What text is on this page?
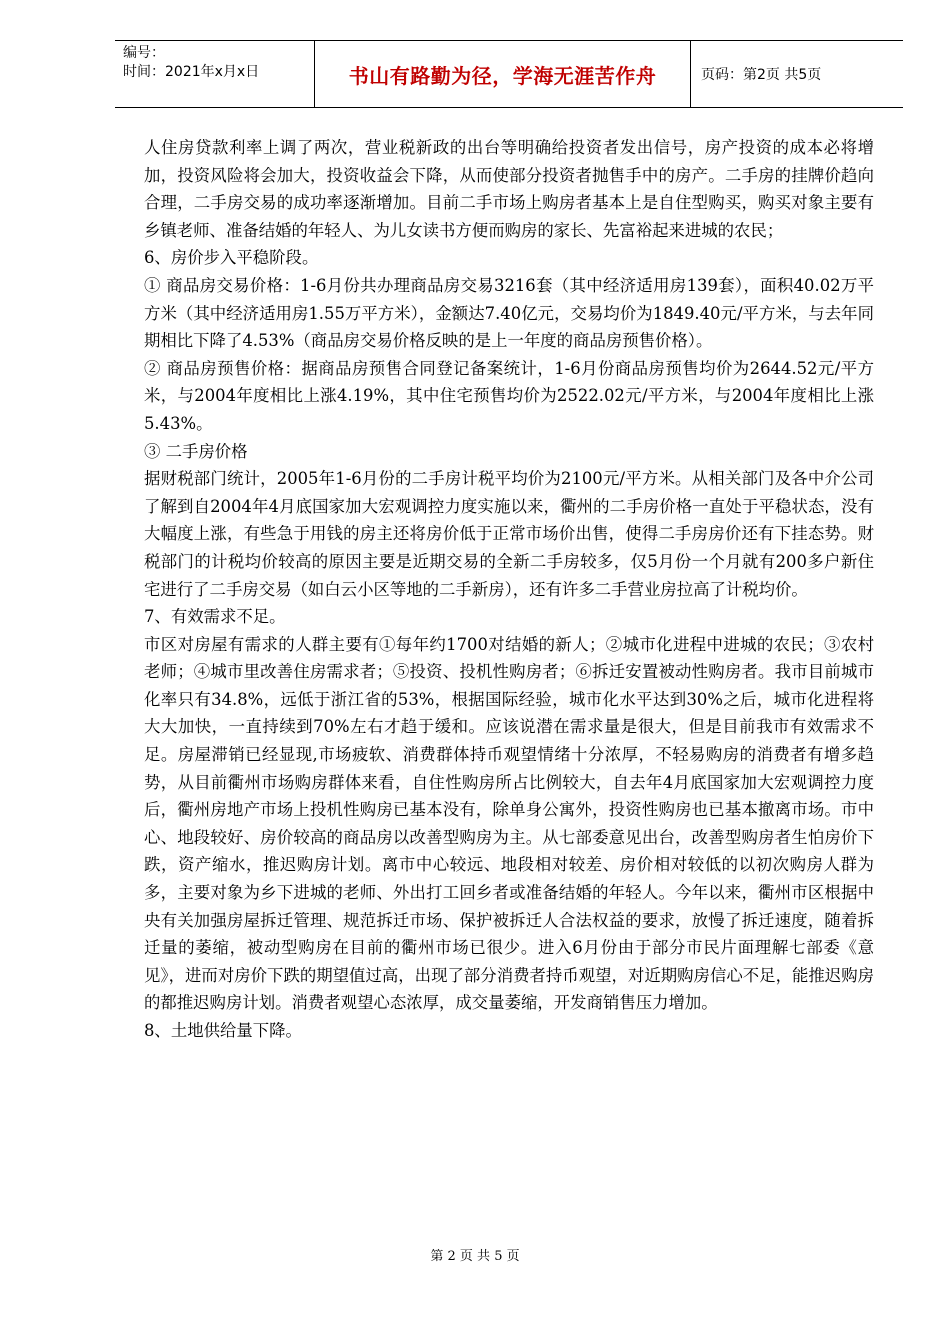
编号：
时间：2021年x月x日	书山有路勤为径，学海无涯苦作舟	页码：第2页 共5页

人住房贷款利率上调了两次，营业税新政的出台等明确给投资者发出信号，房产投资的成本必将增加，投资风险将会加大，投资收益会下降，从而使部分投资者抛售手中的房产。二手房的挂牌价趋向合理，二手房交易的成功率逐渐增加。目前二手市场上购房者基本上是自住型购买，购买对象主要有乡镇老师、准备结婚的年轻人、为儿女读书方便而购房的家长、先富裕起来进城的农民；

6、房价步入平稳阶段。

① 商品房交易价格：1-6月份共办理商品房交易3216套（其中经济适用房139套），面积40.02万平方米（其中经济适用房1.55万平方米），金额达7.40亿元，交易均价为1849.40元/平方米，与去年同期相比下降了4.53%（商品房交易价格反映的是上一年度的商品房预售价格）。

② 商品房预售价格：据商品房预售合同登记备案统计，1-6月份商品房预售均价为2644.52元/平方米，与2004年度相比上涨4.19%，其中住宅预售均价为2522.02元/平方米，与2004年度相比上涨5.43%。

③ 二手房价格

据财税部门统计，2005年1-6月份的二手房计税平均价为2100元/平方米。从相关部门及各中介公司了解到自2004年4月底国家加大宏观调控力度实施以来，衢州的二手房价格一直处于平稳状态，没有大幅度上涨，有些急于用钱的房主还将房价低于正常市场价出售，使得二手房房价还有下挂态势。财税部门的计税均价较高的原因主要是近期交易的全新二手房较多，仅5月份一个月就有200多户新住宅进行了二手房交易（如白云小区等地的二手新房），还有许多二手营业房拉高了计税均价。

7、有效需求不足。

市区对房屋有需求的人群主要有①每年约1700对结婚的新人；②城市化进程中进城的农民；③农村老师；④城市里改善住房需求者；⑤投资、投机性购房者；⑥拆迁安置被动性购房者。我市目前城市化率只有34.8%，远低于浙江省的53%，根据国际经验，城市化水平达到30%之后，城市化进程将大大加快，一直持续到70%左右才趋于缓和。应该说潜在需求量是很大，但是目前我市有效需求不足。房屋滞销已经显现,市场疲软、消费群体持币观望情绪十分浓厚，不轻易购房的消费者有增多趋势，从目前衢州市场购房群体来看，自住性购房所占比例较大，自去年4月底国家加大宏观调控力度后，衢州房地产市场上投机性购房已基本没有，除单身公寓外，投资性购房也已基本撤离市场。市中心、地段较好、房价较高的商品房以改善型购房为主。从七部委意见出台，改善型购房者生怕房价下跌，资产缩水，推迟购房计划。离市中心较远、地段相对较差、房价相对较低的以初次购房人群为多，主要对象为乡下进城的老师、外出打工回乡者或准备结婚的年轻人。今年以来，衢州市区根据中央有关加强房屋拆迁管理、规范拆迁市场、保护被拆迁人合法权益的要求，放慢了拆迁速度，随着拆迁量的萎缩，被动型购房在目前的衢州市场已很少。进入6月份由于部分市民片面理解七部委《意见》，进而对房价下跌的期望值过高，出现了部分消费者持币观望，对近期购房信心不足，能推迟购房的都推迟购房计划。消费者观望心态浓厚，成交量萎缩，开发商销售压力增加。

8、土地供给量下降。

第 2 页 共 5 页
